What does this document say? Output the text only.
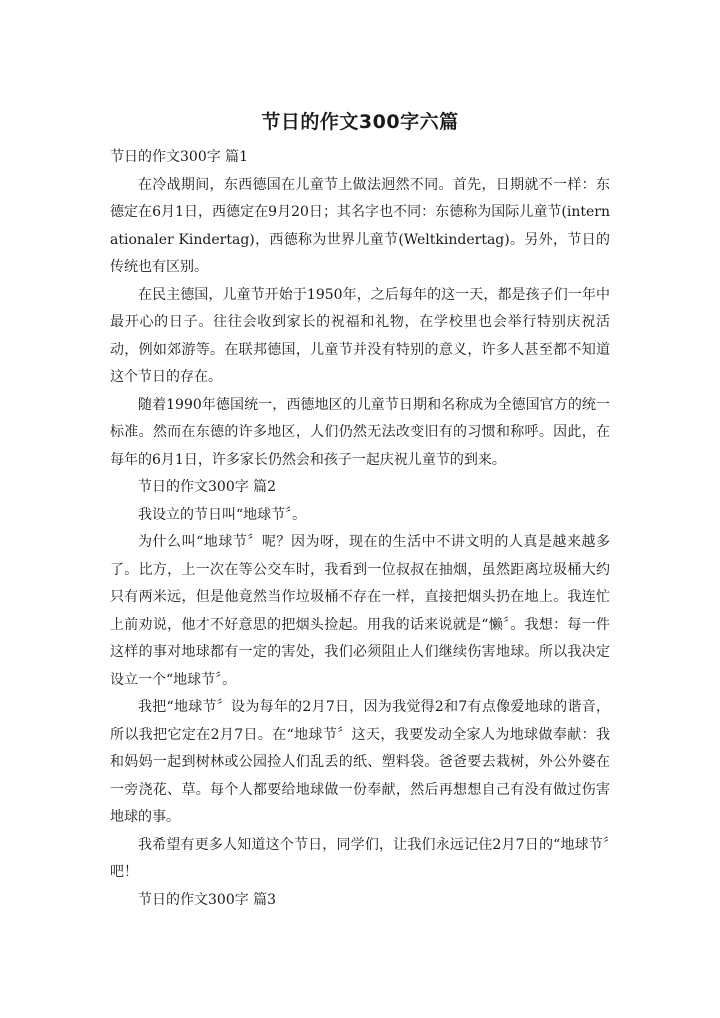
节日的作文300字六篇

节日的作文300字 篇1

在冷战期间，东西德国在儿童节上做法迥然不同。首先，日期就不一样：东德定在6月1日，西德定在9月20日；其名字也不同：东德称为国际儿童节(internationaler Kindertag)，西德称为世界儿童节(Weltkindertag)。另外，节日的传统也有区别。

在民主德国，儿童节开始于1950年，之后每年的这一天，都是孩子们一年中最开心的日子。往往会收到家长的祝福和礼物，在学校里也会举行特别庆祝活动，例如郊游等。在联邦德国，儿童节并没有特别的意义，许多人甚至都不知道这个节日的存在。

随着1990年德国统一，西德地区的儿童节日期和名称成为全德国官方的统一标准。然而在东德的许多地区，人们仍然无法改变旧有的习惯和称呼。因此，在每年的6月1日，许多家长仍然会和孩子一起庆祝儿童节的到来。

节日的作文300字 篇2

我设立的节日叫“地球节〞。

为什么叫“地球节〞呢？因为呀，现在的生活中不讲文明的人真是越来越多了。比方，上一次在等公交车时，我看到一位叔叔在抽烟，虽然距离垃圾桶大约只有两米远，但是他竟然当作垃圾桶不存在一样，直接把烟头扔在地上。我连忙上前劝说，他才不好意思的把烟头捡起。用我的话来说就是“懒〞。我想：每一件这样的事对地球都有一定的害处，我们必须阻止人们继续伤害地球。所以我决定设立一个“地球节〞。

我把“地球节〞设为每年的2月7日，因为我觉得2和7有点像爱地球的谐音，所以我把它定在2月7日。在“地球节〞这天，我要发动全家人为地球做奉献：我和妈妈一起到树林或公园捡人们乱丢的纸、塑料袋。爸爸要去栽树，外公外婆在一旁浇花、草。每个人都要给地球做一份奉献，然后再想想自己有没有做过伤害地球的事。

我希望有更多人知道这个节日，同学们，让我们永远记住2月7日的“地球节〞吧！

节日的作文300字 篇3
